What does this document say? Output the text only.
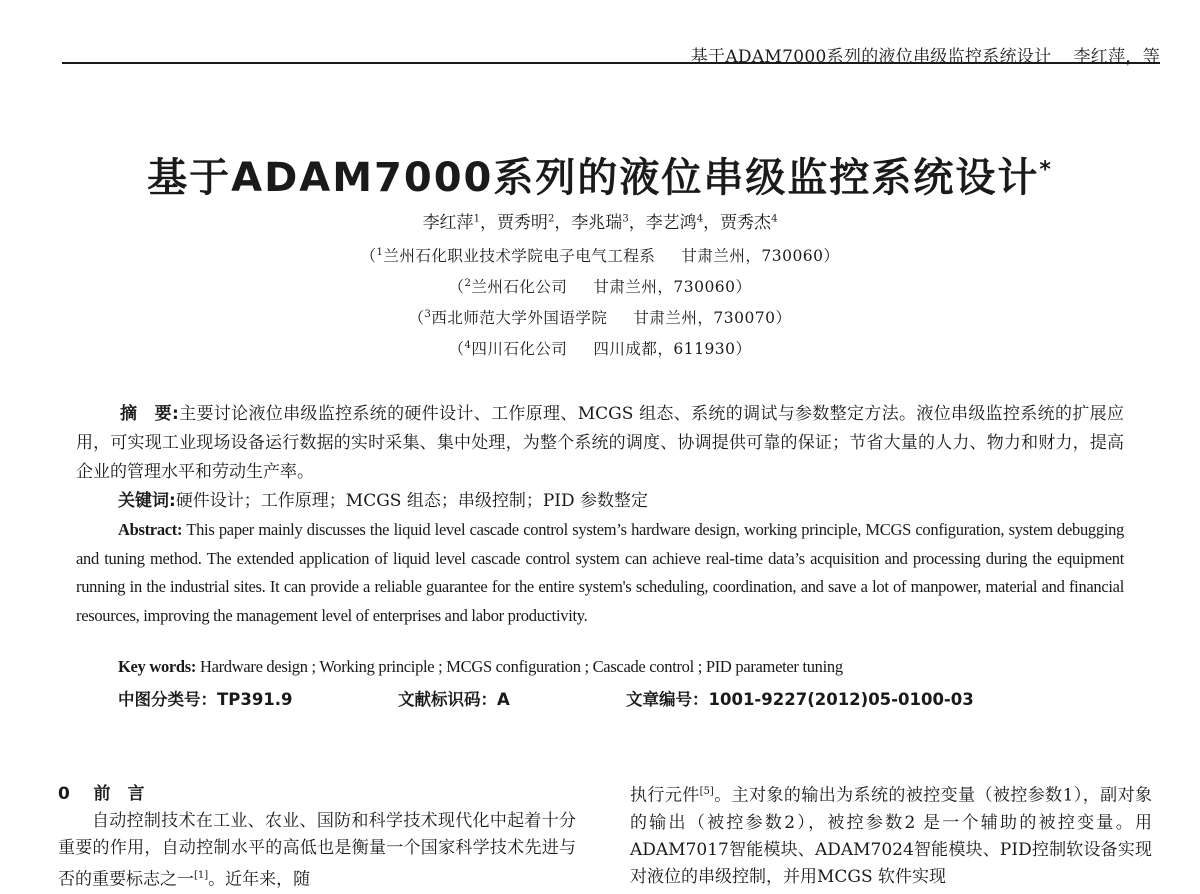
基于ADAM7000系列的液位串级监控系统设计 李红萍，等
基于ADAM7000系列的液位串级监控系统设计*
李红萍$^1$，贾秀明$^2$，李兆瑞$^3$，李艺鸿$^4$，贾秀杰$^4$
（$^1$兰州石化职业技术学院电子电气工程系 甘肃兰州，730060）
（$^2$兰州石化公司 甘肃兰州，730060）
（$^3$西北师范大学外国语学院 甘肃兰州，730070）
（$^4$四川石化公司 四川成都，611930）
摘　要:主要讨论液位串级监控系统的硬件设计、工作原理、MCGS 组态、系统的调试与参数整定方法。液位串级监控系统的扩展应用，可实现工业现场设备运行数据的实时采集、集中处理，为整个系统的调度、协调提供可靠的保证；节省大量的人力、物力和财力，提高企业的管理水平和劳动生产率。
关键词:硬件设计；工作原理；MCGS 组态；串级控制；PID 参数整定
Abstract: This paper mainly discusses the liquid level cascade control system’s hardware design, working principle, MCGS configuration, system debugging and tuning method. The extended application of liquid level cascade control system can achieve real-time data’s acquisition and processing during the equipment running in the industrial sites. It can provide a reliable guarantee for the entire system's scheduling, coordination, and save a lot of manpower, material and financial resources, improving the management level of enterprises and labor productivity.
Key words: Hardware design ; Working principle ; MCGS configuration ; Cascade control ; PID parameter tuning
中图分类号：TP391.9	文献标识码：A	文章编号：1001-9227(2012)05-0100-03
0 前　言
自动控制技术在工业、农业、国防和科学技术现代化中起着十分重要的作用，自动控制水平的高低也是衡量一个国家科学技术先进与否的重要标志之一[1]。近年来，随
执行元件[5]。主对象的输出为系统的被控变量（被控参数1），副对象的输出（被控参数2），被控参数2 是一个辅助的被控变量。用ADAM7017智能模块、ADAM7024智能模块、PID控制软设备实现对液位的串级控制，并用MCGS 软件实现
